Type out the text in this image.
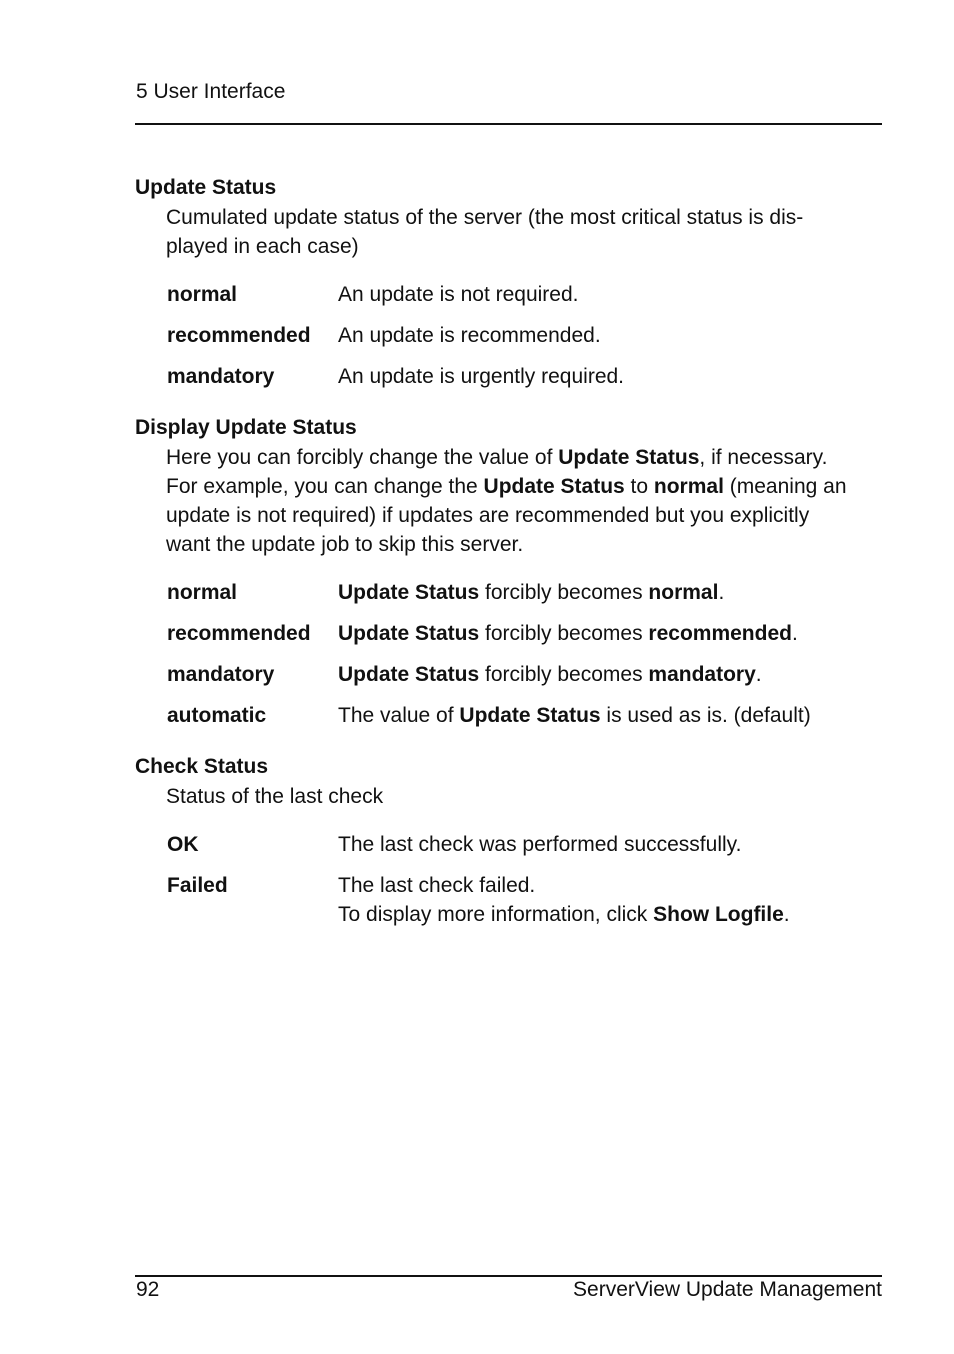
5 User Interface
Update Status
Cumulated update status of the server (the most critical status is dis-
played in each case)
normal	An update is not required.
recommended	An update is recommended.
mandatory	An update is urgently required.
Display Update Status
Here you can forcibly change the value of Update Status, if necessary.
For example, you can change the Update Status to normal (meaning an
update is not required) if updates are recommended but you explicitly
want the update job to skip this server.
normal	Update Status forcibly becomes normal.
recommended	Update Status forcibly becomes recommended.
mandatory	Update Status forcibly becomes mandatory.
automatic	The value of Update Status is used as is. (default)
Check Status
Status of the last check
OK	The last check was performed successfully.
Failed	The last check failed.
To display more information, click Show Logfile.
92	ServerView Update Management
